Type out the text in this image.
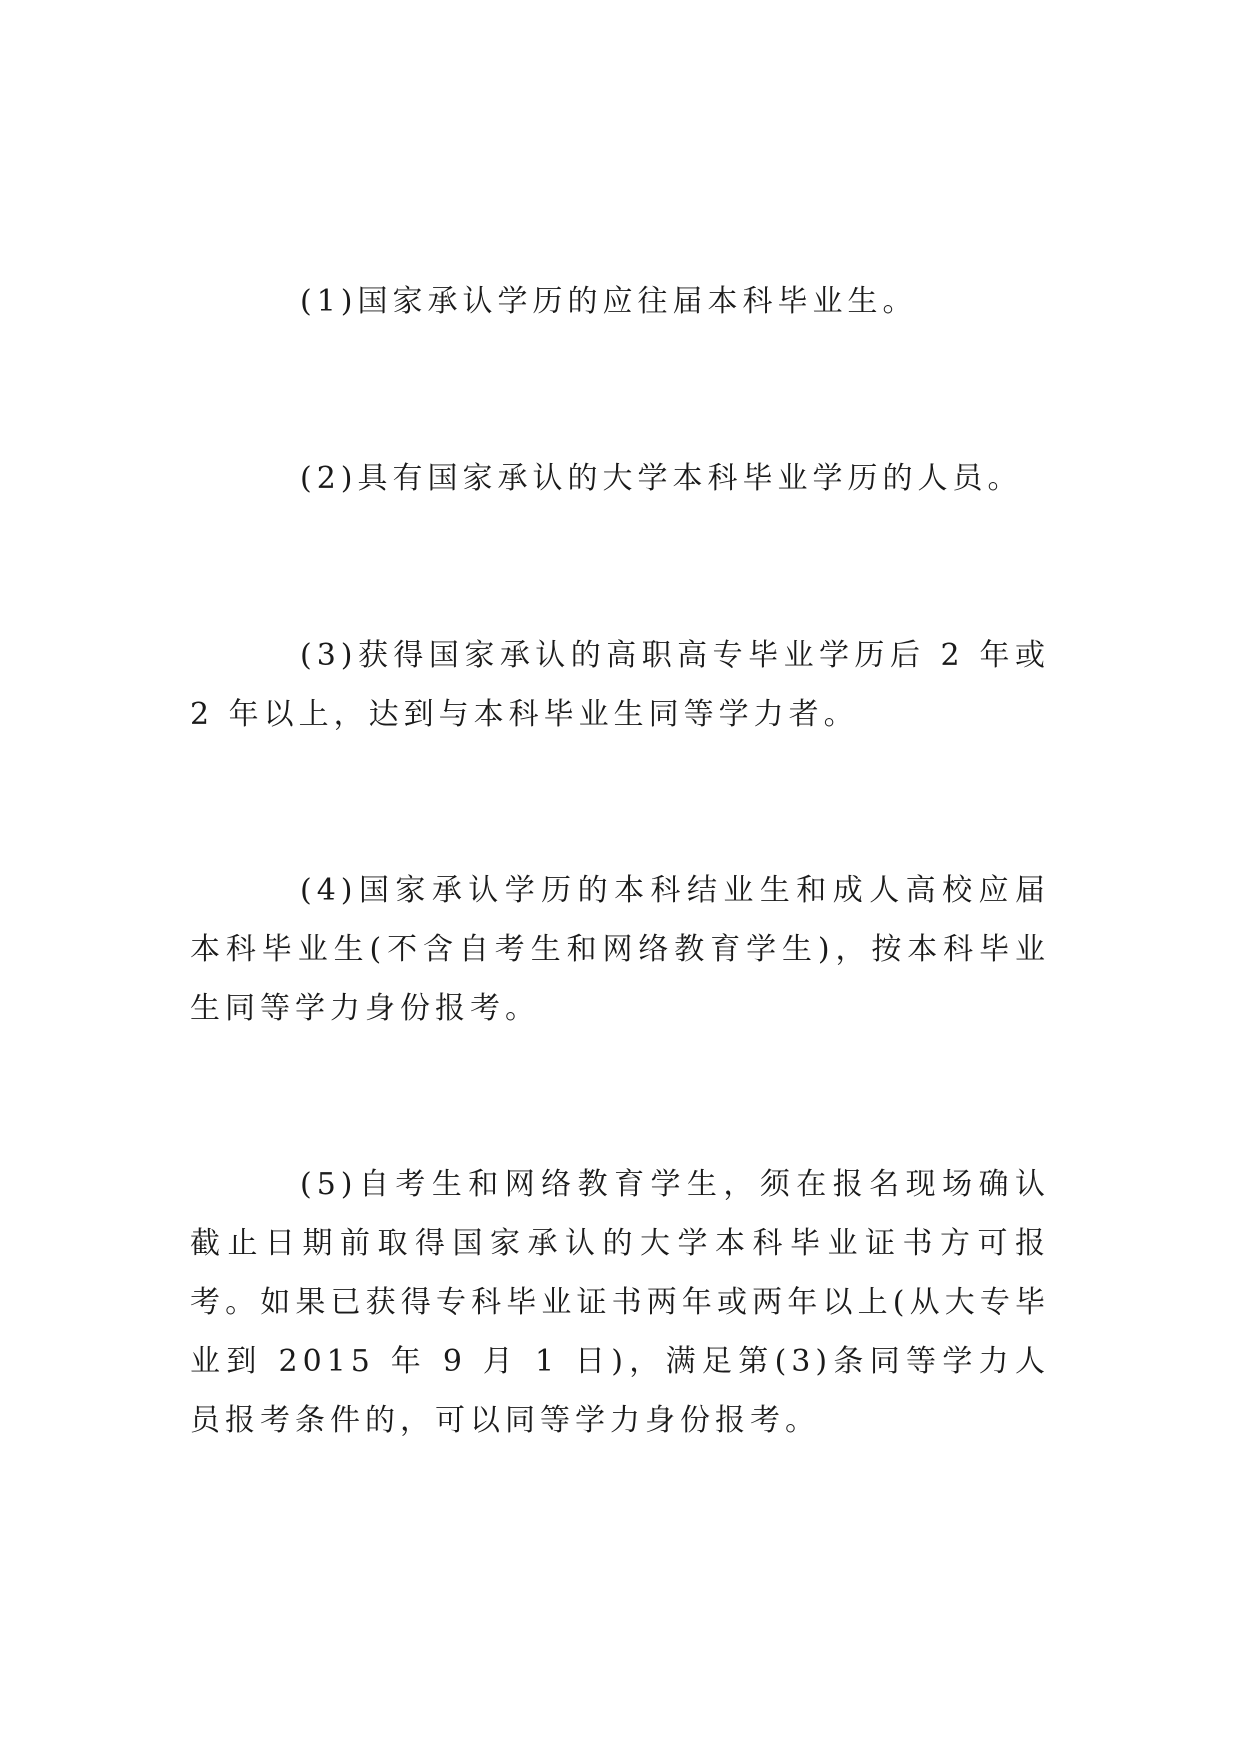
(1)国家承认学历的应往届本科毕业生。

(2)具有国家承认的大学本科毕业学历的人员。

(3)获得国家承认的高职高专毕业学历后 2 年或 2 年以上，达到与本科毕业生同等学力者。

(4)国家承认学历的本科结业生和成人高校应届本科毕业生(不含自考生和网络教育学生)，按本科毕业生同等学力身份报考。

(5)自考生和网络教育学生，须在报名现场确认截止日期前取得国家承认的大学本科毕业证书方可报考。如果已获得专科毕业证书两年或两年以上(从大专毕业到 2015 年 9 月 1 日)，满足第(3)条同等学力人员报考条件的，可以同等学力身份报考。
